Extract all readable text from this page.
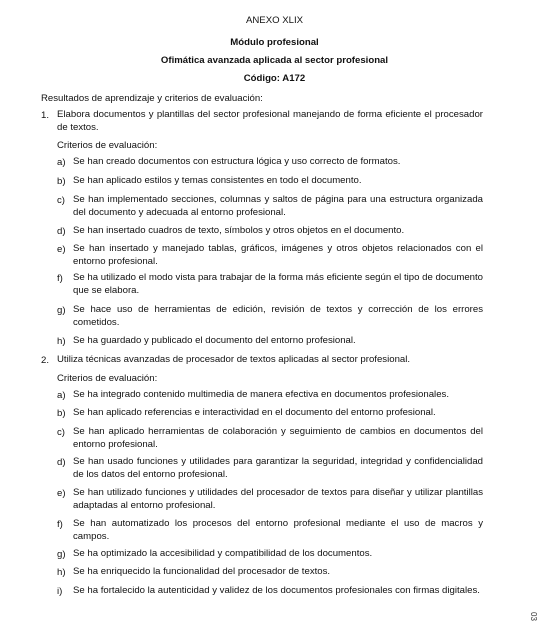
ANEXO XLIX
Módulo profesional
Ofimática avanzada aplicada al sector profesional
Código: A172
Resultados de aprendizaje y criterios de evaluación:
1. Elabora documentos y plantillas del sector profesional manejando de forma eficiente el procesador de textos.
Criterios de evaluación:
a) Se han creado documentos con estructura lógica y uso correcto de formatos.
b) Se han aplicado estilos y temas consistentes en todo el documento.
c) Se han implementado secciones, columnas y saltos de página para una estructura organizada del documento y adecuada al entorno profesional.
d) Se han insertado cuadros de texto, símbolos y otros objetos en el documento.
e) Se han insertado y manejado tablas, gráficos, imágenes y otros objetos relacionados con el entorno profesional.
f) Se ha utilizado el modo vista para trabajar de la forma más eficiente según el tipo de documento que se elabora.
g) Se hace uso de herramientas de edición, revisión de textos y corrección de los errores cometidos.
h) Se ha guardado y publicado el documento del entorno profesional.
2. Utiliza técnicas avanzadas de procesador de textos aplicadas al sector profesional.
Criterios de evaluación:
a) Se ha integrado contenido multimedia de manera efectiva en documentos profesionales.
b) Se han aplicado referencias e interactividad en el documento del entorno profesional.
c) Se han aplicado herramientas de colaboración y seguimiento de cambios en documentos del entorno profesional.
d) Se han usado funciones y utilidades para garantizar la seguridad, integridad y confidencialidad de los datos del entorno profesional.
e) Se han utilizado funciones y utilidades del procesador de textos para diseñar y utilizar plantillas adaptadas al entorno profesional.
f) Se han automatizado los procesos del entorno profesional mediante el uso de macros y campos.
g) Se ha optimizado la accesibilidad y compatibilidad de los documentos.
h) Se ha enriquecido la funcionalidad del procesador de textos.
i) Se ha fortalecido la autenticidad y validez de los documentos profesionales con firmas digitales.
03
